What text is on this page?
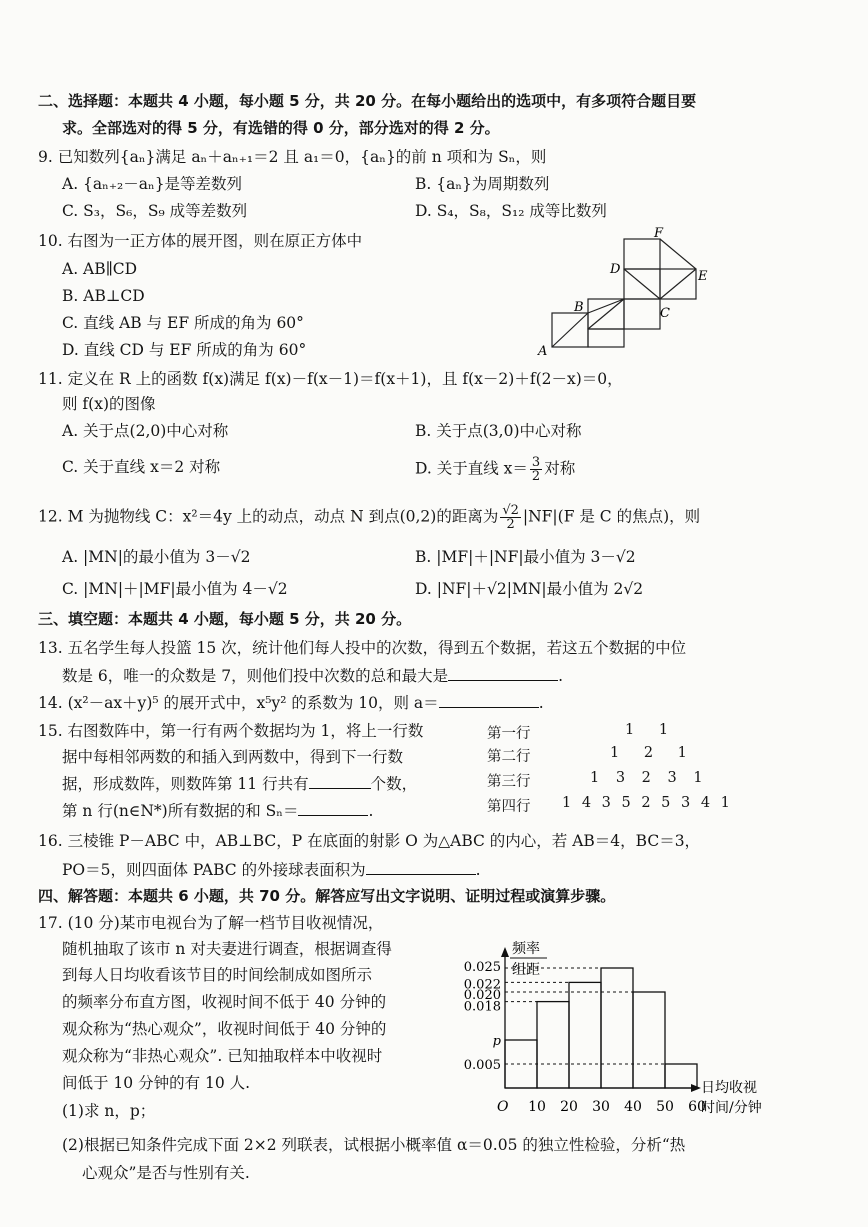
二、选择题：本题共 4 小题，每小题 5 分，共 20 分。在每小题给出的选项中，有多项符合题目要
求。全部选对的得 5 分，有选错的得 0 分，部分选对的得 2 分。
9. 已知数列{aₙ}满足 aₙ＋aₙ₊₁＝2 且 a₁＝0，{aₙ}的前 n 项和为 Sₙ，则
A. {aₙ₊₂－aₙ}是等差数列	B. {aₙ}为周期数列
C. S₃，S₆，S₉ 成等差数列	D. S₄，S₈，S₁₂ 成等比数列
10. 右图为一正方体的展开图，则在原正方体中
A. AB∥CD
B. AB⊥CD
C. 直线 AB 与 EF 所成的角为 60°
D. 直线 CD 与 EF 所成的角为 60°
F
D	E
B	C
A
11. 定义在 R 上的函数 f(x)满足 f(x)－f(x－1)＝f(x＋1)，且 f(x－2)＋f(2－x)＝0，
则 f(x)的图像
A. 关于点(2,0)中心对称	B. 关于点(3,0)中心对称
C. 关于直线 x＝2 对称	D. 关于直线 $x= \frac{3}{2}$ 对称
12. M 为抛物线 C：x²＝4y 上的动点，动点 N 到点(0,2)的距离为 $\frac{√2}{2} |NF|(F$ 是 C 的焦点)，则
A. |MN|的最小值为 3－√2	B. |MF|＋|NF|最小值为 3－√2
C. |MN|＋|MF|最小值为 4－√2	D. |NF|＋√2|MN|最小值为 2√2
三、填空题：本题共 4 小题，每小题 5 分，共 20 分。
13. 五名学生每人投篮 15 次，统计他们每人投中的次数，得到五个数据，若这五个数据的中位
数是 6，唯一的众数是 7，则他们投中次数的总和最大是	.
14. (x²－ax＋y)⁵ 的展开式中，x⁵y² 的系数为 10，则 a＝	.
15. 右图数阵中，第一行有两个数据均为 1，将上一行数
据中每相邻两数的和插入到两数中，得到下一行数
据，形成数阵，则数阵第 11 行共有	个数，
第 n 行(n∈N*)所有数据的和 Sₙ＝	.
第一行	1 1
第二行	1 2 1
第三行	1 3 2 3 1
第四行 1 4 3 5 2 5 3 4 1
16. 三棱锥 P－ABC 中，AB⊥BC，P 在底面的射影 O 为△ABC 的内心，若 AB＝4，BC＝3，
PO＝5，则四面体 PABC 的外接球表面积为	.
四、解答题：本题共 6 小题，共 70 分。解答应写出文字说明、证明过程或演算步骤。
17. (10 分)某市电视台为了解一档节目收视情况，
随机抽取了该市 n 对夫妻进行调查，根据调查得
到每人日均收看该节目的时间绘制成如图所示
的频率分布直方图，收视时间不低于 40 分钟的
观众称为“热心观众”，收视时间低于 40 分钟的
观众称为“非热心观众”. 已知抽取样本中收视时
间低于 10 分钟的有 10 人.
(1)求 n，p；
(2)根据已知条件完成下面 2×2 列联表，试根据小概率值 α＝0.05 的独立性检验，分析“热
心观众”是否与性别有关.
0.025
0.022
0.020
0.018
p
0.005
10 20 30 40 50 60
O
频率
组距
日均收视
时间/分钟
